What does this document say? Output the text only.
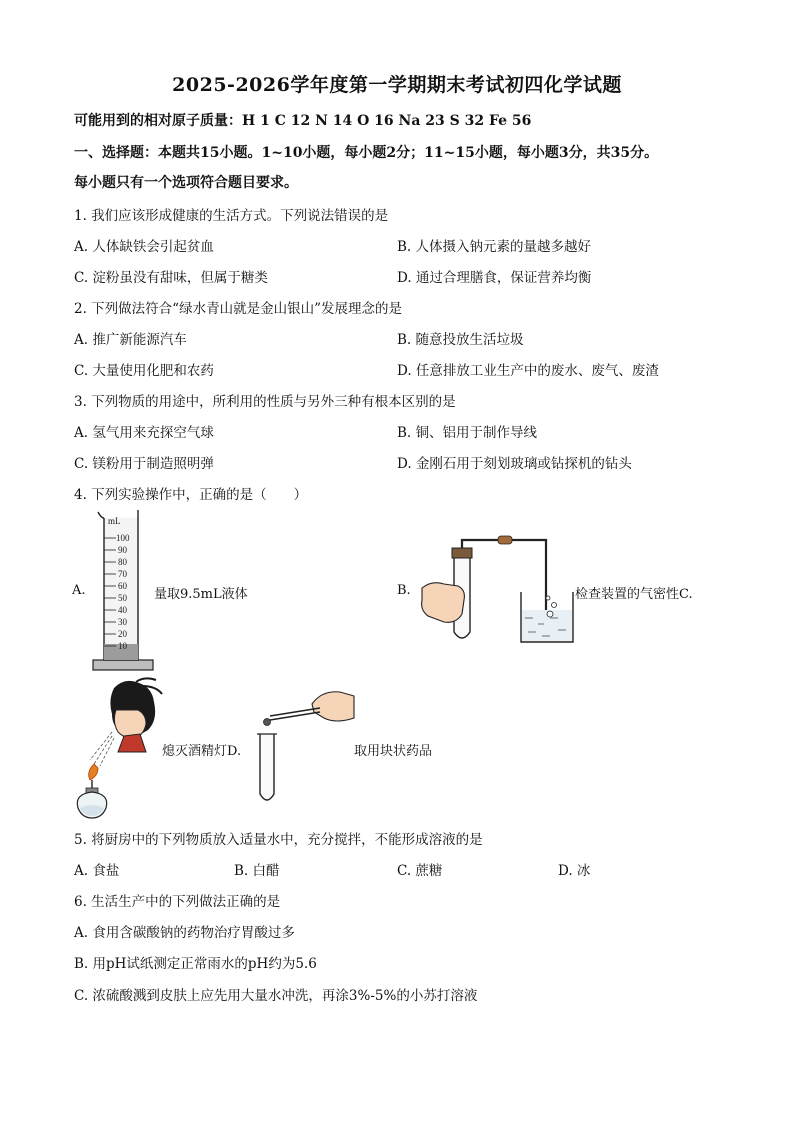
2025-2026学年度第一学期期末考试初四化学试题
可能用到的相对原子质量：H 1 C 12 N 14 O 16 Na 23 S 32 Fe 56
一、选择题：本题共15小题。1~10小题，每小题2分；11~15小题，每小题3分，共35分。
每小题只有一个选项符合题目要求。
1. 我们应该形成健康的生活方式。下列说法错误的是
A. 人体缺铁会引起贫血	B. 人体摄入钠元素的量越多越好
C. 淀粉虽没有甜味，但属于糖类	D. 通过合理膳食，保证营养均衡
2. 下列做法符合“绿水青山就是金山银山”发展理念的是
A. 推广新能源汽车	B. 随意投放生活垃圾
C. 大量使用化肥和农药	D. 任意排放工业生产中的废水、废气、废渣
3. 下列物质的用途中，所利用的性质与另外三种有根本区别的是
A. 氢气用来充探空气球	B. 铜、铝用于制作导线
C. 镁粉用于制造照明弹	D. 金刚石用于刻划玻璃或钻探机的钻头
4. 下列实验操作中，正确的是（　　）
A.
mL
100
90
80
70
60
50
40
30
20
10
量取9.5mL液体	B.	检查装置的气密性C.
熄灭酒精灯D.	取用块状药品
5. 将厨房中的下列物质放入适量水中，充分搅拌，不能形成溶液的是
A. 食盐	B. 白醋	C. 蔗糖	D. 冰
6. 生活生产中的下列做法正确的是
A. 食用含碳酸钠的药物治疗胃酸过多
B. 用pH试纸测定正常雨水的pH约为5.6
C. 浓硫酸溅到皮肤上应先用大量水冲洗，再涂3%-5%的小苏打溶液
